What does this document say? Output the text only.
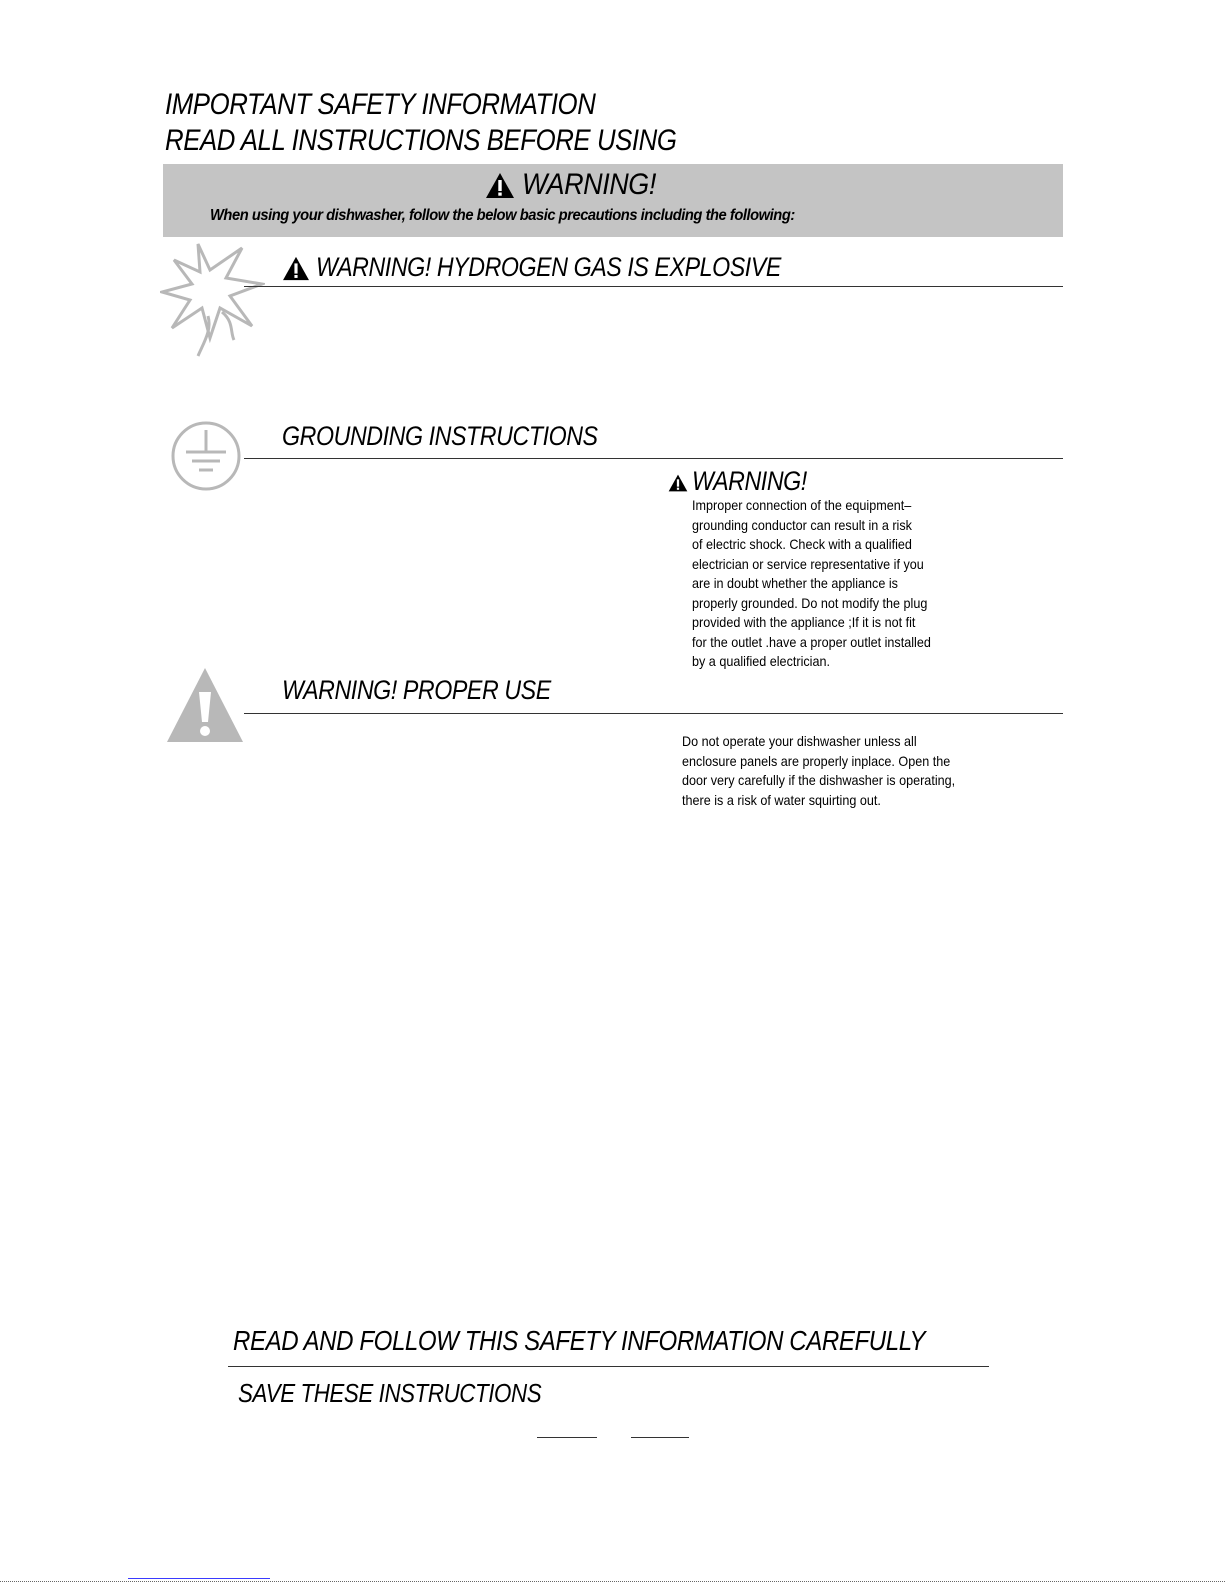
IMPORTANT SAFETY INFORMATION
READ ALL INSTRUCTIONS BEFORE USING
WARNING!
When using your dishwasher, follow the below basic precautions including the following:
WARNING! HYDROGEN GAS IS EXPLOSIVE
GROUNDING INSTRUCTIONS
WARNING!
Improper connection of the equipment–
grounding conductor can result in a risk
of electric shock. Check with a qualified
electrician or service representative if you
are in doubt whether the appliance is
properly grounded. Do not modify the plug
provided with the appliance ;If it is not fit
for the outlet .have a proper outlet installed
by a qualified electrician.
WARNING! PROPER USE
Do not operate your dishwasher unless all
enclosure panels are properly inplace. Open the
door very carefully if the dishwasher is operating,
there is a risk of water squirting out.
READ AND FOLLOW THIS SAFETY INFORMATION CAREFULLY
SAVE THESE INSTRUCTIONS
